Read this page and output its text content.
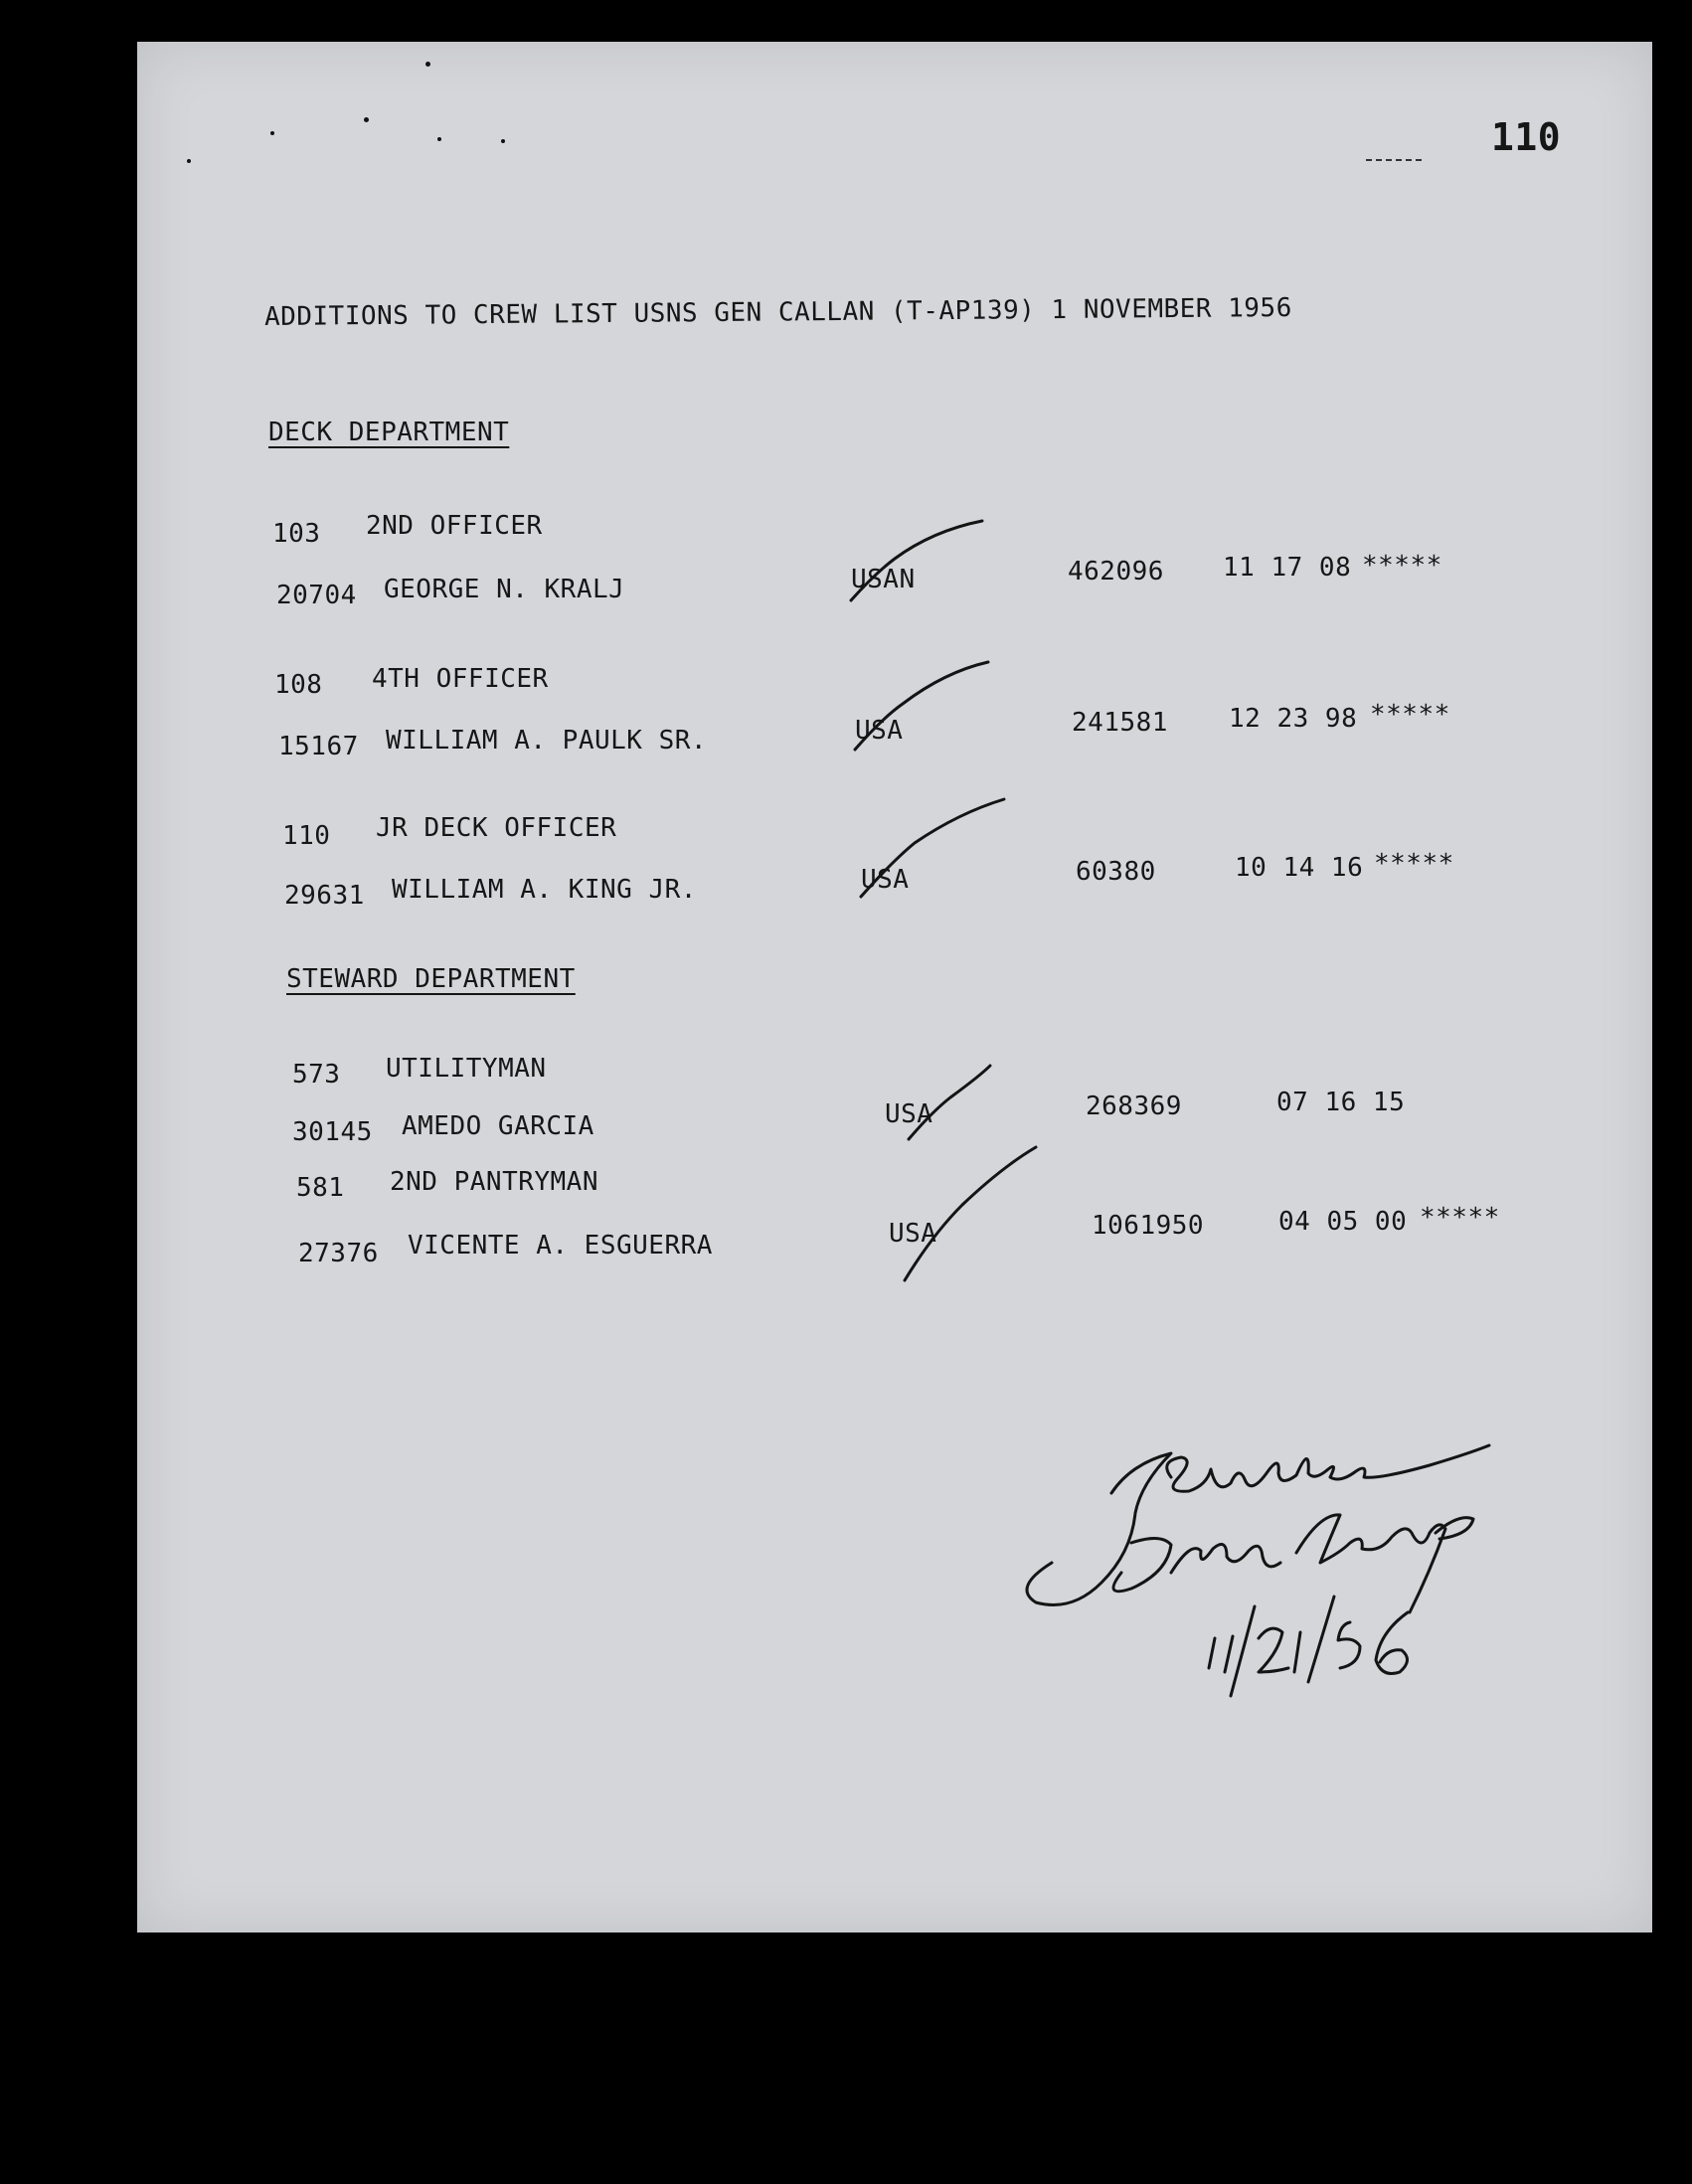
110
ADDITIONS TO CREW LIST USNS GEN CALLAN (T-AP139) 1 NOVEMBER 1956
DECK DEPARTMENT
103 2ND OFFICER
20704 GEORGE N. KRALJ	USAN	462096 11 17 08 *****
108 4TH OFFICER
15167 WILLIAM A. PAULK SR.	USA	241581 12 23 98 *****
110 JR DECK OFFICER
29631 WILLIAM A. KING JR.	USA	60380	10 14 16 *****
STEWARD DEPARTMENT
573 UTILITYMAN
30145 AMEDO GARCIA	USA	268369	07 16 15
581 2ND PANTRYMAN
27376 VICENTE A. ESGUERRA	USA	1061950	04 05 00 *****
